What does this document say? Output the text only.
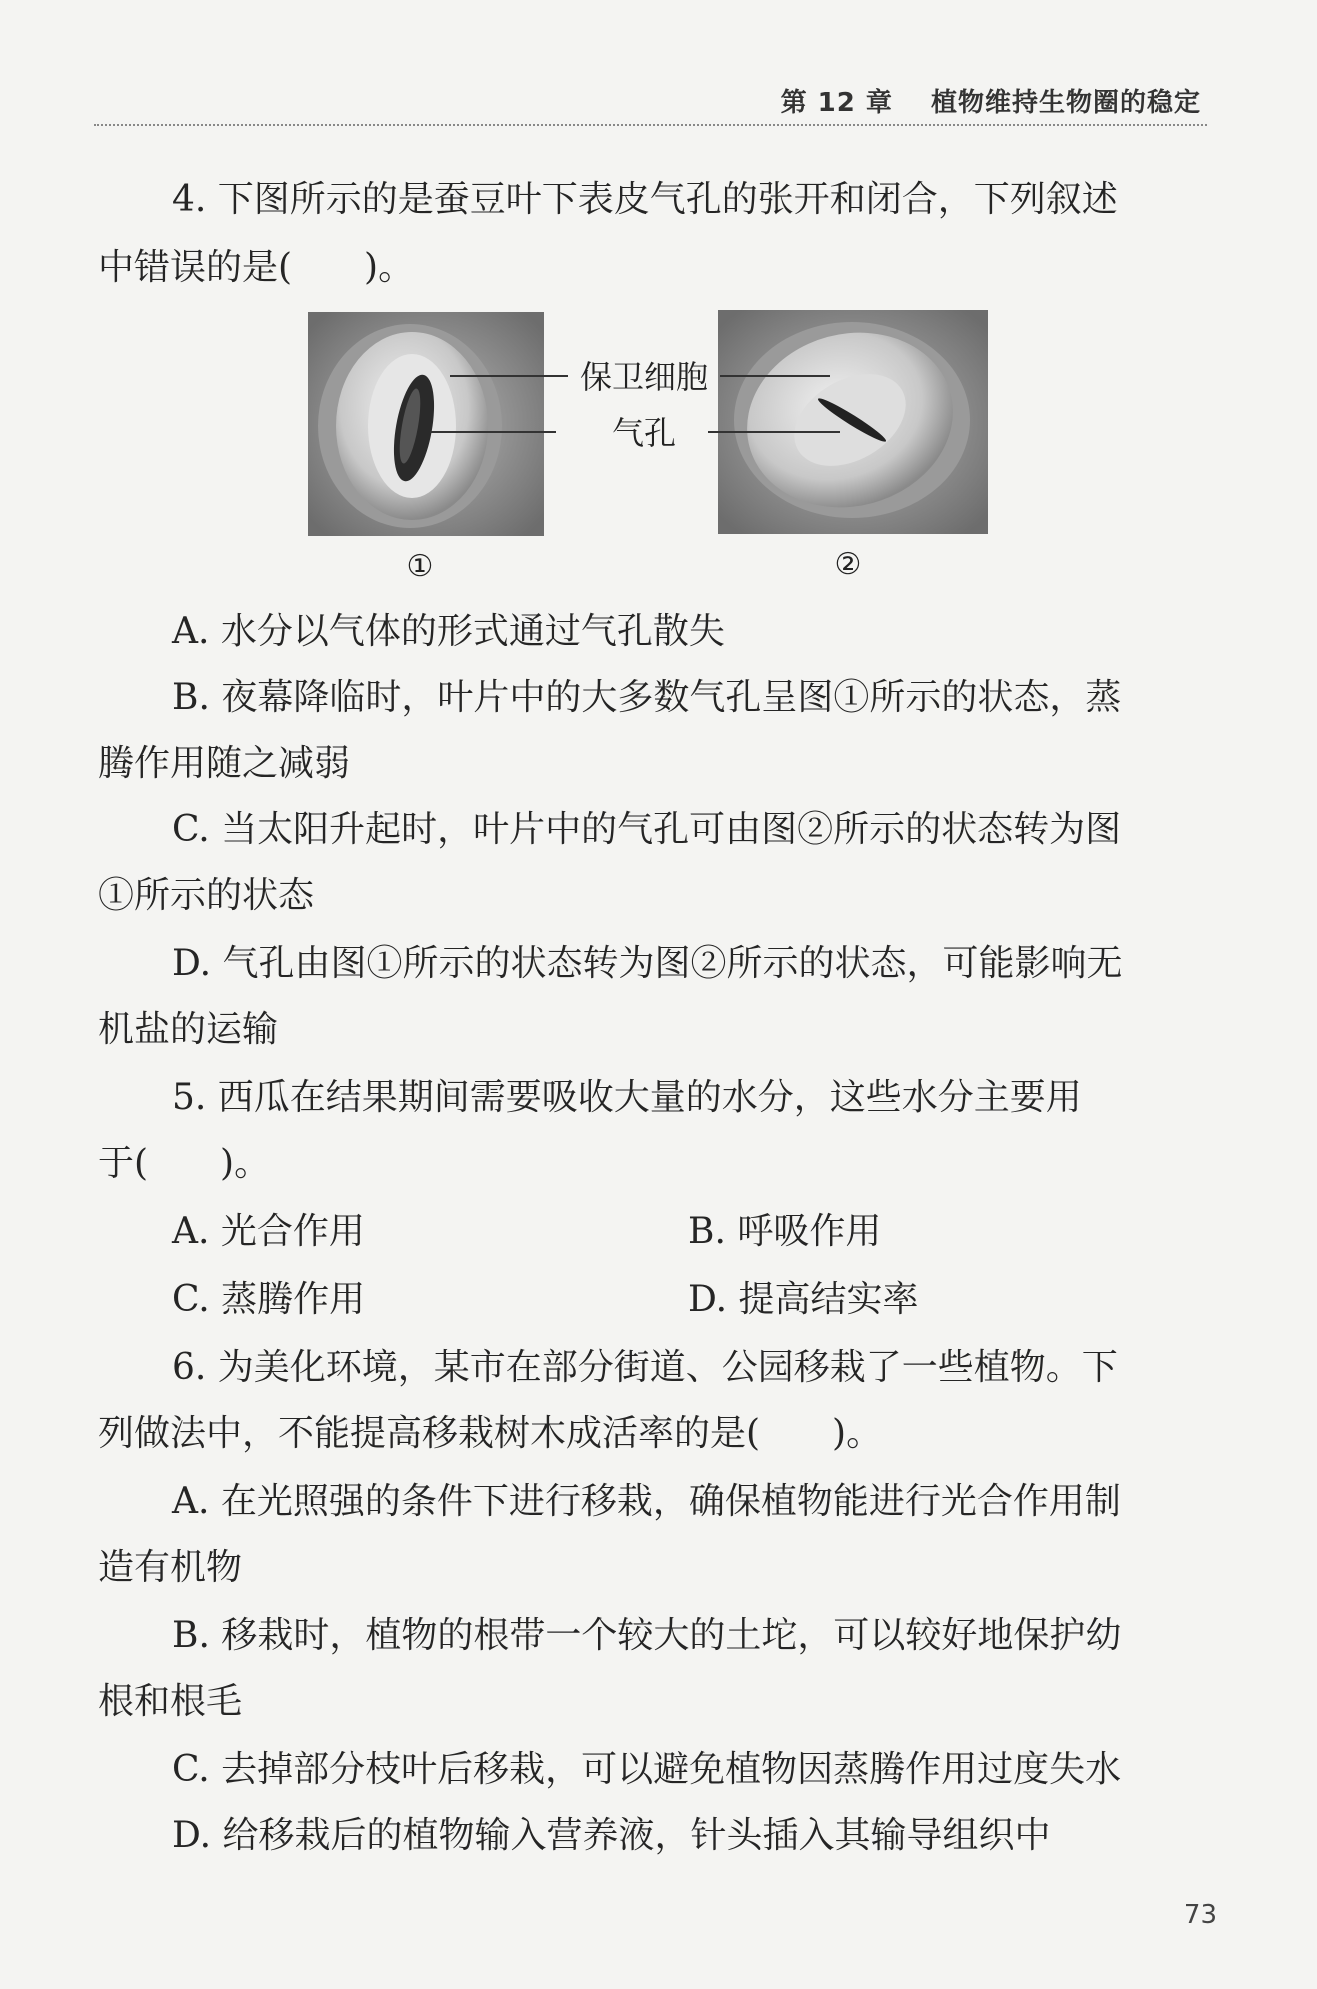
第 12 章 植物维持生物圈的稳定
4. 下图所示的是蚕豆叶下表皮气孔的张开和闭合，下列叙述
中错误的是(　　)。
保卫细胞
气孔
①	②
A. 水分以气体的形式通过气孔散失
B. 夜幕降临时，叶片中的大多数气孔呈图①所示的状态，蒸
腾作用随之减弱
C. 当太阳升起时，叶片中的气孔可由图②所示的状态转为图
①所示的状态
D. 气孔由图①所示的状态转为图②所示的状态，可能影响无
机盐的运输
5. 西瓜在结果期间需要吸收大量的水分，这些水分主要用
于(　　)。
A. 光合作用	B. 呼吸作用
C. 蒸腾作用	D. 提高结实率
6. 为美化环境，某市在部分街道、公园移栽了一些植物。下
列做法中，不能提高移栽树木成活率的是(　　)。
A. 在光照强的条件下进行移栽，确保植物能进行光合作用制
造有机物
B. 移栽时，植物的根带一个较大的土坨，可以较好地保护幼
根和根毛
C. 去掉部分枝叶后移栽，可以避免植物因蒸腾作用过度失水
D. 给移栽后的植物输入营养液，针头插入其输导组织中
73
